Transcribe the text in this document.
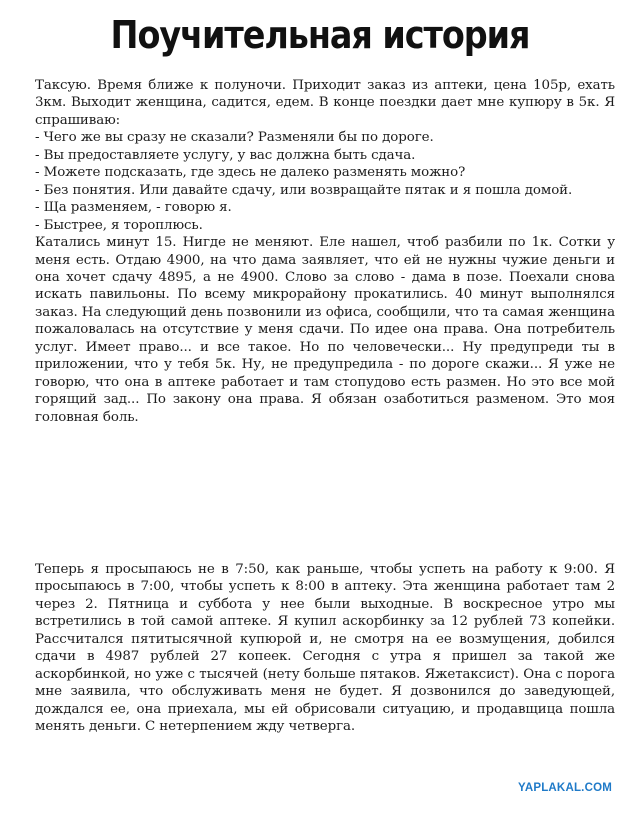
Поучительная история

Таксую. Время ближе к полуночи. Приходит заказ из аптеки, цена 105р, ехать 3км. Выходит женщина, садится, едем. В конце поездки дает мне купюру в 5к. Я спрашиваю:

- Чего же вы сразу не сказали? Разменяли бы по дороге.

- Вы предоставляете услугу, у вас должна быть сдача.

- Можете подсказать, где здесь не далеко разменять можно?

- Без понятия. Или давайте сдачу, или возвращайте пятак и я пошла домой.

- Ща разменяем, - говорю я.

- Быстрее, я тороплюсь.

Катались минут 15. Нигде не меняют. Еле нашел, чтоб разбили по 1к. Сотки у меня есть. Отдаю 4900, на что дама заявляет, что ей не нужны чужие деньги и она хочет сдачу 4895, а не 4900. Слово за слово - дама в позе. Поехали снова искать павильоны. По всему микрорайону прокатились. 40 минут выполнялся заказ. На следующий день позвонили из офиса, сообщили, что та самая женщина пожаловалась на отсутствие у меня сдачи. По идее она права. Она потребитель услуг. Имеет право... и все такое. Но по человечески... Ну предупреди ты в приложении, что у тебя 5к. Ну, не предупредила - по дороге скажи... Я уже не говорю, что она в аптеке работает и там стопудово есть размен. Но это все мой горящий зад... По закону она права. Я обязан озаботиться разменом. Это моя головная боль.

Теперь я просыпаюсь не в 7:50, как раньше, чтобы успеть на работу к 9:00. Я просыпаюсь в 7:00, чтобы успеть к 8:00 в аптеку. Эта женщина работает там 2 через 2. Пятница и суббота у нее были выходные. В воскресное утро мы встретились в той самой аптеке. Я купил аскорбинку за 12 рублей 73 копейки. Рассчитался пятитысячной купюрой и, не смотря на ее возмущения, добился сдачи в 4987 рублей 27 копеек. Сегодня с утра я пришел за такой же аскорбинкой, но уже с тысячей (нету больше пятаков. Яжетаксист). Она с порога мне заявила, что обслуживать меня не будет. Я дозвонился до заведующей, дождался ее, она приехала, мы ей обрисовали ситуацию, и продавщица пошла менять деньги. С нетерпением жду четверга.

YAPLAKAL.COM
